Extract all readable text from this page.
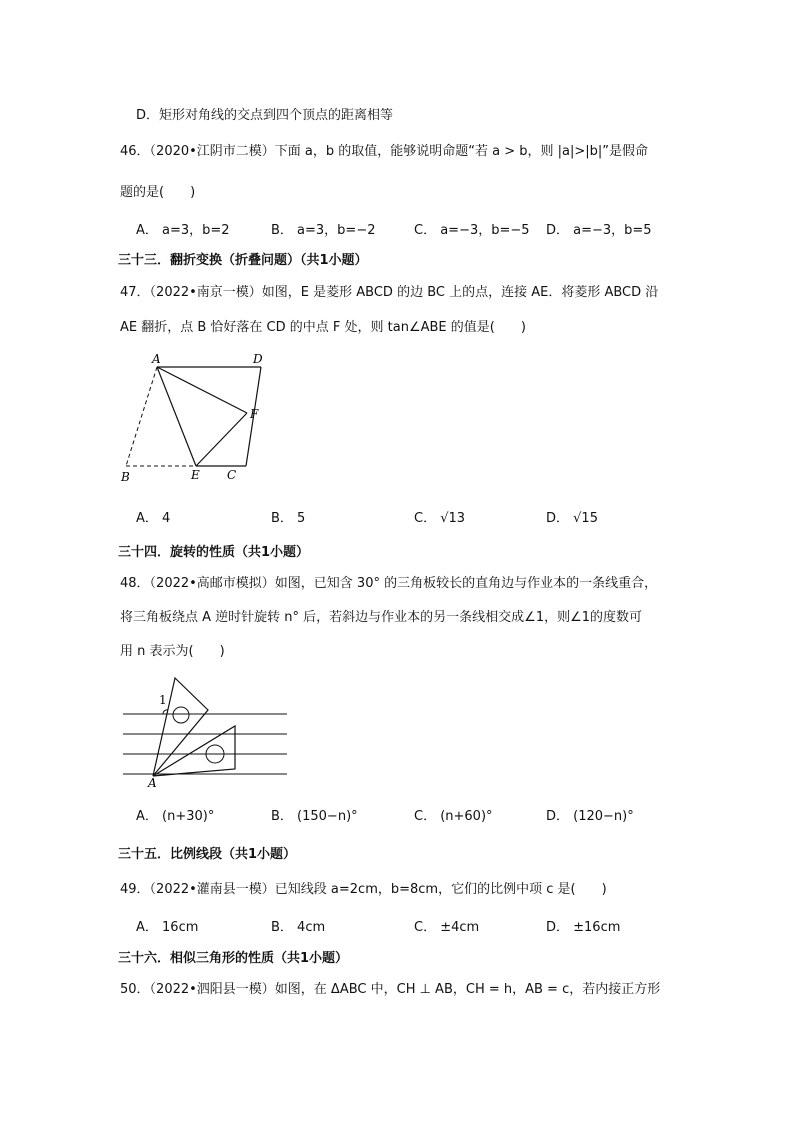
D．矩形对角线的交点到四个顶点的距离相等
46．（2020•江阴市二模）下面 a，b 的取值，能够说明命题“若 a > b，则 |a|>|b|”是假命
题的是(　　)
A． a=3，b=2	B． a=3，b=−2	C． a=−3，b=−5 D． a=−3，b=5
三十三．翻折变换（折叠问题）（共1小题）
47．（2022•南京一模）如图，E 是菱形 ABCD 的边 BC 上的点，连接 AE．将菱形 ABCD 沿
AE 翻折，点 B 恰好落在 CD 的中点 F 处，则 tan∠ABE 的值是(　　)
A	D
F
B	E C
A． 4	B． 5	C． √13	D． √15
三十四．旋转的性质（共1小题）
48．（2022•高邮市模拟）如图，已知含 30° 的三角板较长的直角边与作业本的一条线重合，
将三角板绕点 A 逆时针旋转 n° 后，若斜边与作业本的另一条线相交成∠1，则∠1的度数可
用 n 表示为(　　)
1
A
A． (n+30)°	B． (150−n)°	C． (n+60)°	D． (120−n)°
三十五．比例线段（共1小题）
49．（2022•灌南县一模）已知线段 a=2cm，b=8cm，它们的比例中项 c 是(　　)
A． 16cm	B． 4cm	C． ±4cm	D． ±16cm
三十六．相似三角形的性质（共1小题）
50．（2022•泗阳县一模）如图，在 ΔABC 中，CH ⊥ AB，CH = h，AB = c，若内接正方形
